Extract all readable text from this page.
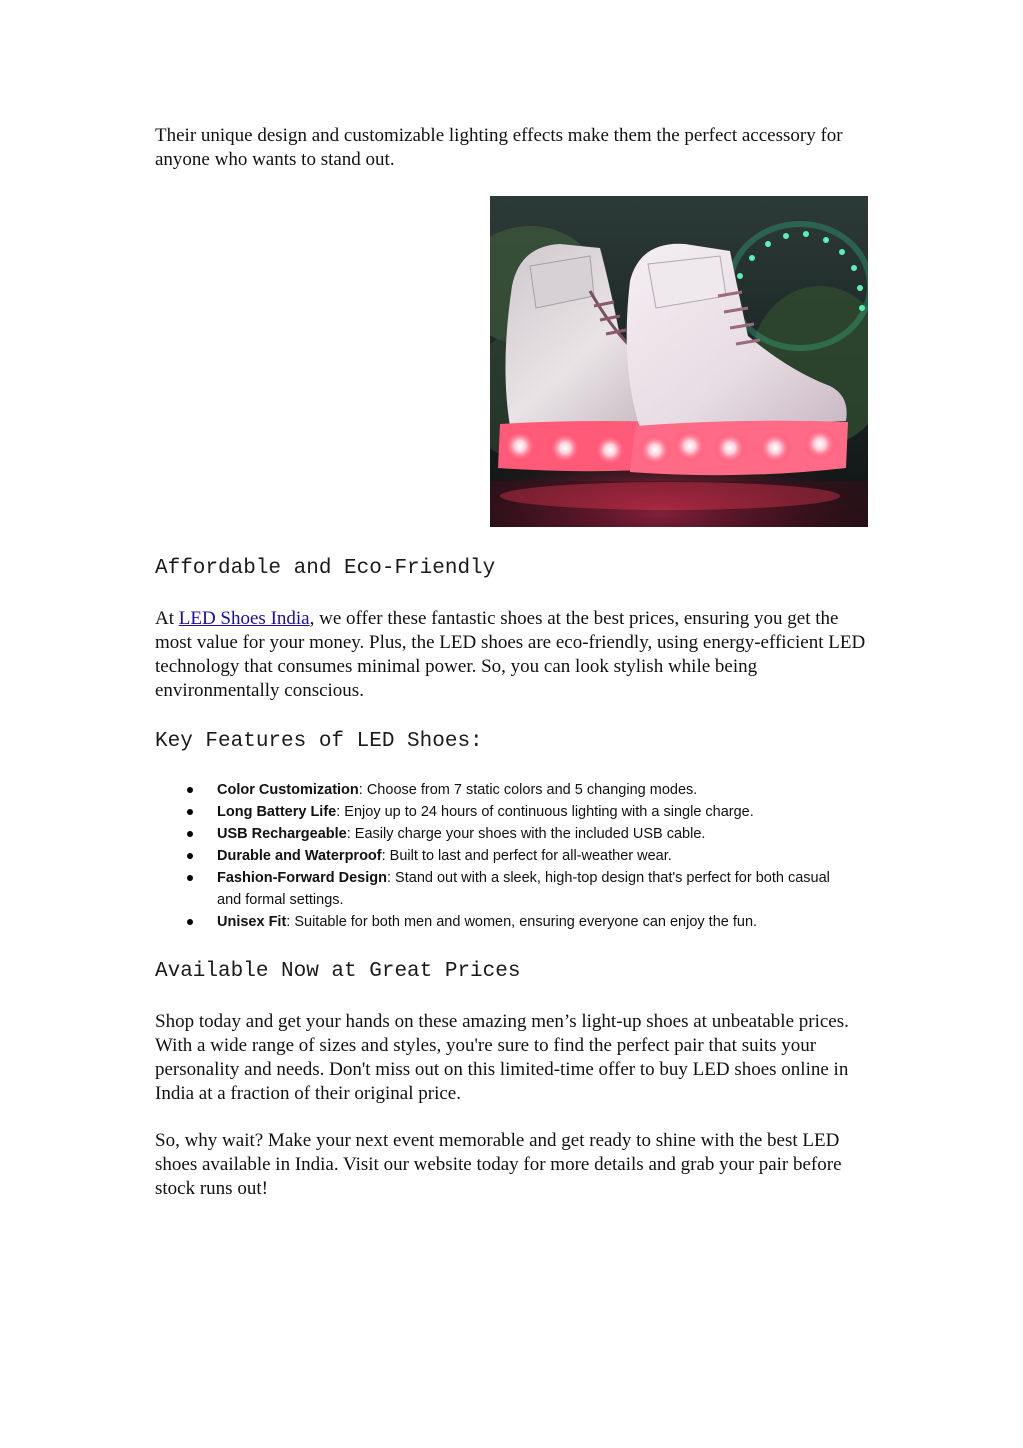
Their unique design and customizable lighting effects make them the perfect accessory for anyone who wants to stand out.

Affordable and Eco-Friendly

At LED Shoes India, we offer these fantastic shoes at the best prices, ensuring you get the most value for your money. Plus, the LED shoes are eco-friendly, using energy-efficient LED technology that consumes minimal power. So, you can look stylish while being environmentally conscious.

Key Features of LED Shoes:
Color Customization: Choose from 7 static colors and 5 changing modes.
Long Battery Life: Enjoy up to 24 hours of continuous lighting with a single charge.
USB Rechargeable: Easily charge your shoes with the included USB cable.
Durable and Waterproof: Built to last and perfect for all-weather wear.
Fashion-Forward Design: Stand out with a sleek, high-top design that's perfect for both casual and formal settings.
Unisex Fit: Suitable for both men and women, ensuring everyone can enjoy the fun.
Available Now at Great Prices

Shop today and get your hands on these amazing men’s light-up shoes at unbeatable prices. With a wide range of sizes and styles, you're sure to find the perfect pair that suits your personality and needs. Don't miss out on this limited-time offer to buy LED shoes online in India at a fraction of their original price.

So, why wait? Make your next event memorable and get ready to shine with the best LED shoes available in India. Visit our website today for more details and grab your pair before stock runs out!
